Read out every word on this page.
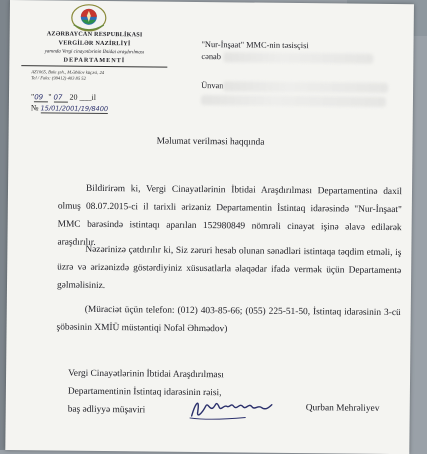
AZƏRBAYCAN RESPUBLİKASI
VERGİLƏR NAZİRLİYİ
yanında Vergi cinayətlərinin İbtidai araşdırılması
DEPARTAMENTİ
AZ1065, Bakı şəh., M.Əbilov küçəsi, 24
Tel / Faks: (99412) 403 85 52
"09 " 07 20 ___il
№ 15/01/2001/19/8400
"Nur-İnşaat" MMC-nin təsisçisi
cənab
Ünvan
Məlumat verilməsi haqqında
Bildirirəm ki, Vergi Cinayətlərinin İbtidai Araşdırılması Departamentinə daxil olmuş 08.07.2015-ci il tarixli ərizəniz Departamentin İstintaq idarəsində "Nur-İnşaat" MMC barəsində istintaqı aparılan 152980849 nömrəli cinayət işinə əlavə edilərək araşdırılır.
Nəzərinizə çatdırılır ki, Siz zəruri hesab olunan sənədləri istintaqa təqdim etməli, iş üzrə və ərizənizdə göstərdiyiniz xüsusatlarla əlaqədar ifadə vermək üçün Departamentə gəlməlisiniz.
(Müraciət üçün telefon: (012) 403-85-66; (055) 225-51-50, İstintaq idarəsinin 3-cü şöbəsinin XMİÜ müstəntiqi Nofəl Əhmədov)
Vergi Cinayətlərinin İbtidai Araşdırılması
Departamentinin İstintaq idarəsinin rəisi,
baş ədliyyə müşaviri	Qurban Mehrəliyev
